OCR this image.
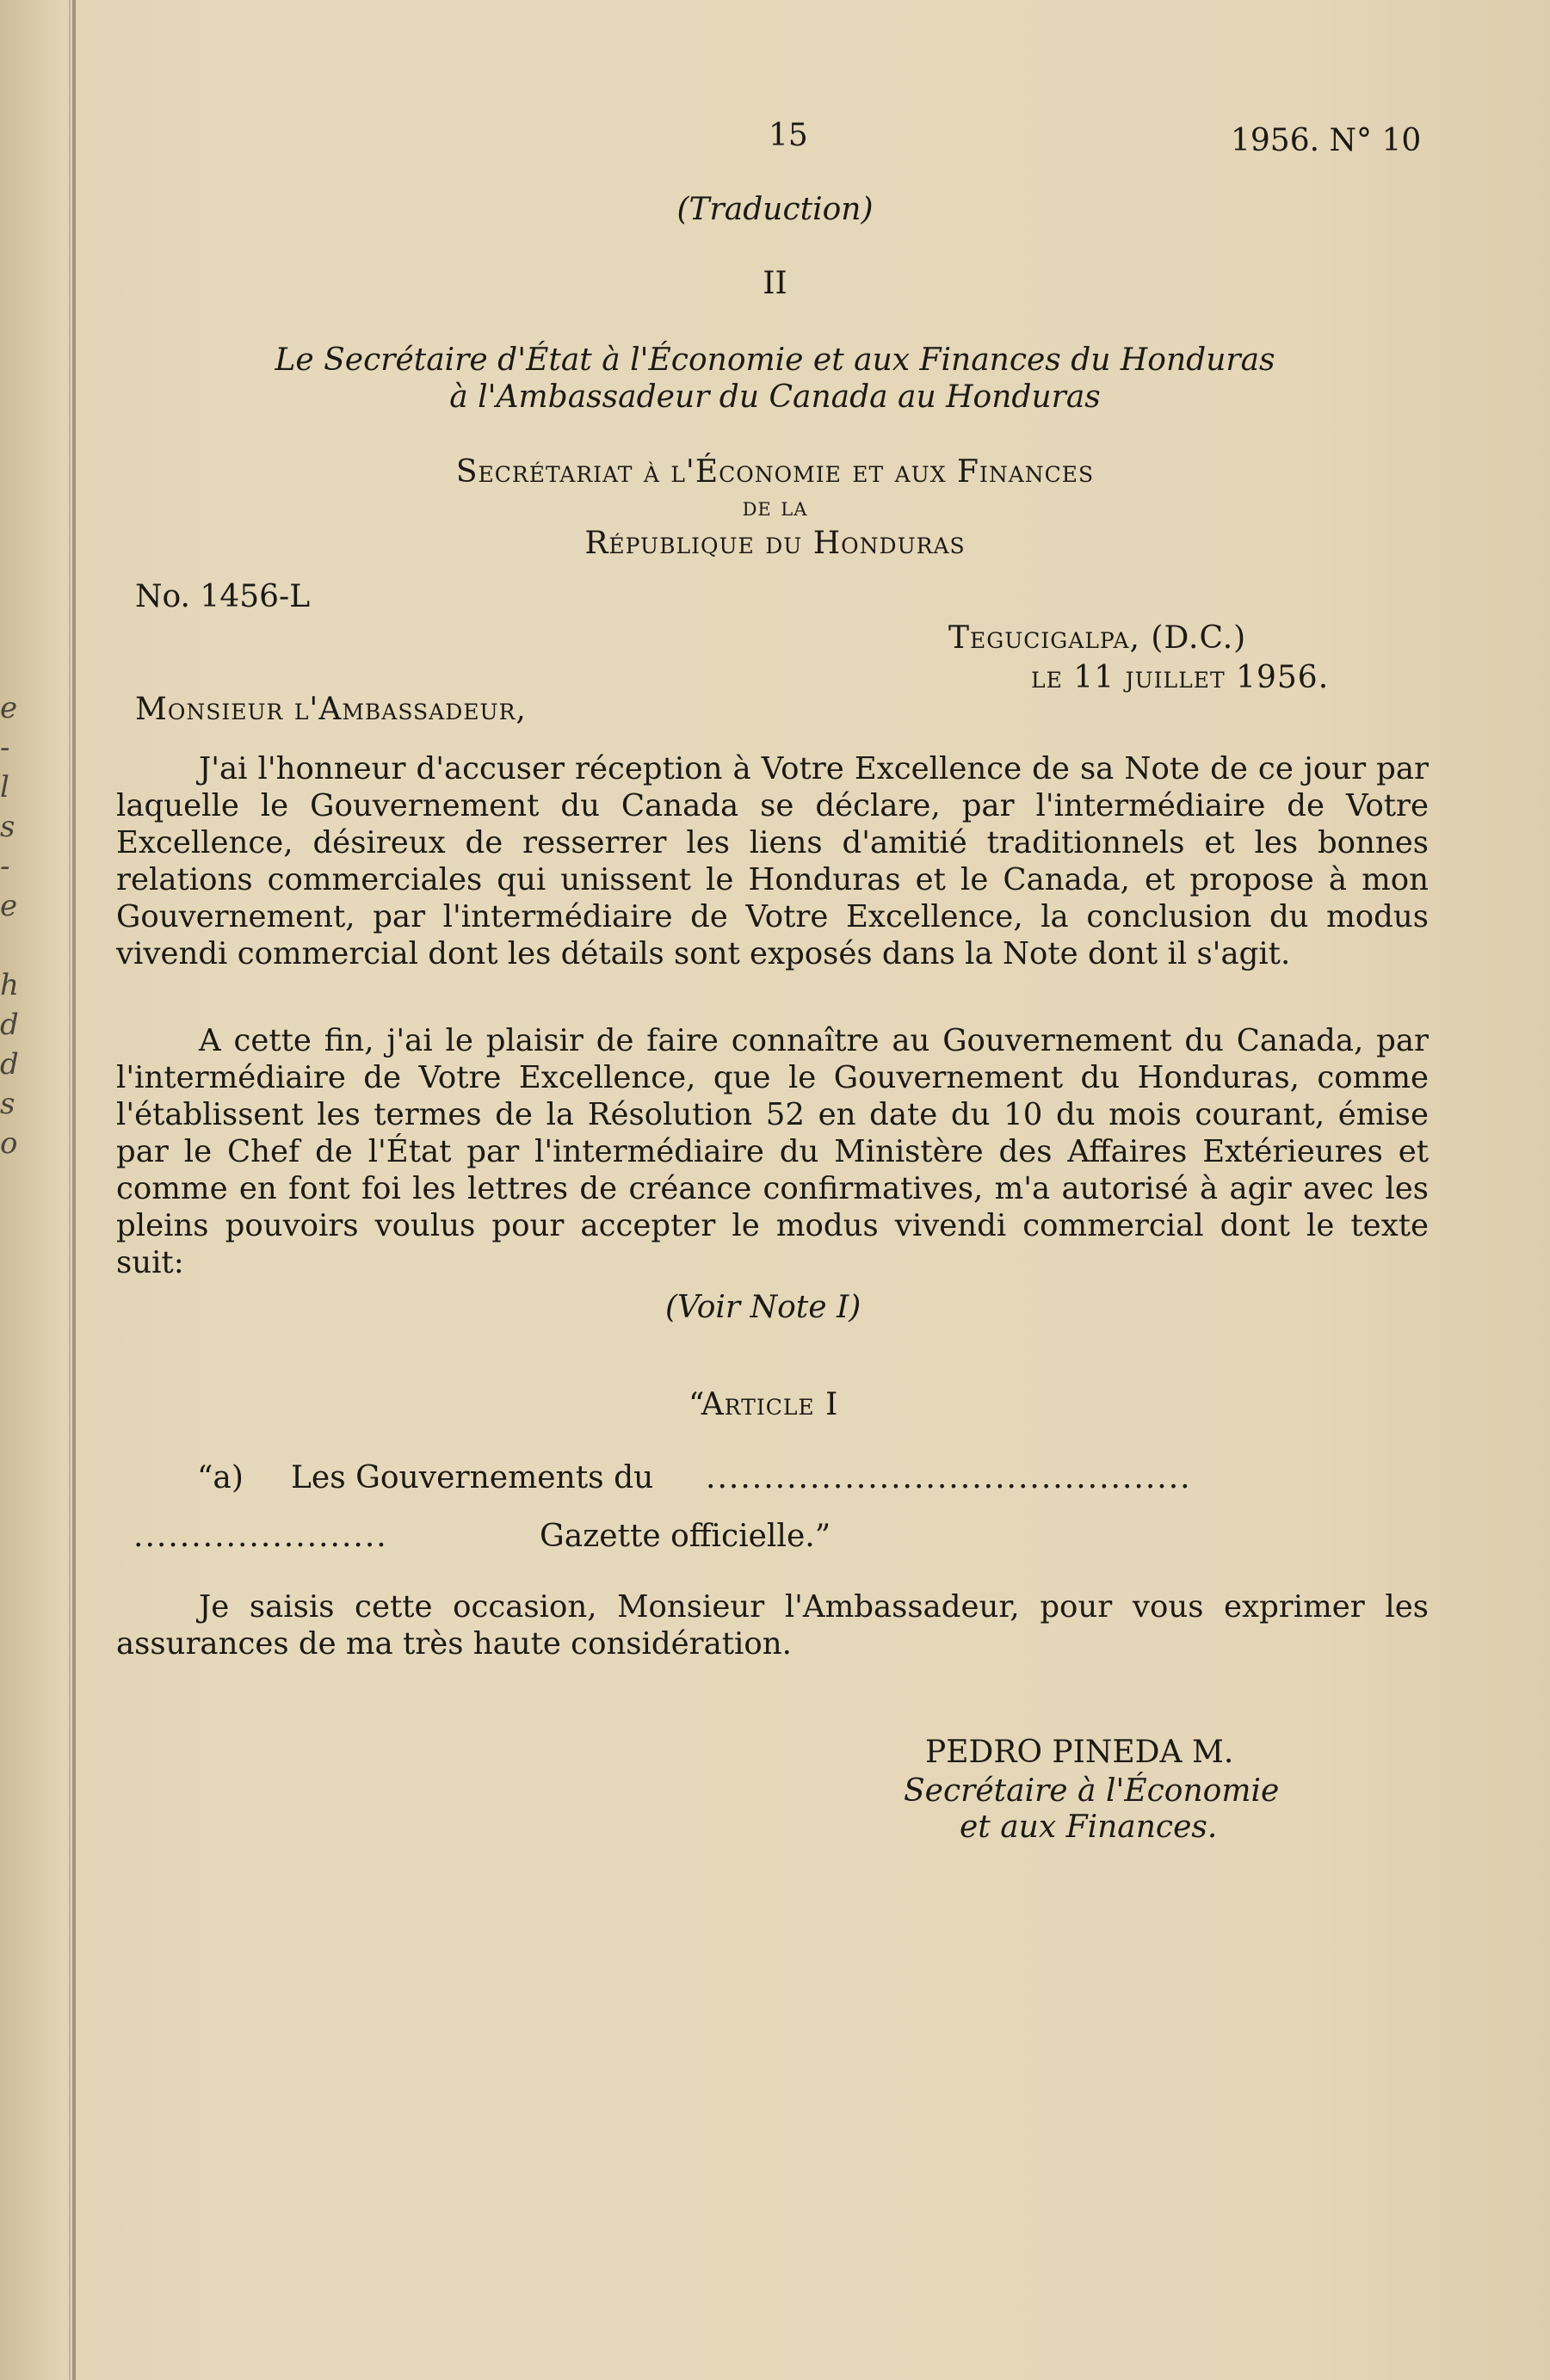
e
-
l
s
-
e
h
d
d
s
o
15	1956. N° 10
(Traduction)
II
Le Secrétaire d'État à l'Économie et aux Finances du Honduras
à l'Ambassadeur du Canada au Honduras
Secrétariat à l'Économie et aux Finances
de la
République du Honduras
No. 1456-L
Tegucigalpa, (D.C.)
le 11 juillet 1956.
Monsieur l'Ambassadeur,
J'ai l'honneur d'accuser réception à Votre Excellence de sa Note de ce jour par laquelle le Gouvernement du Canada se déclare, par l'intermédiaire de Votre Excellence, désireux de resserrer les liens d'amitié traditionnels et les bonnes relations commerciales qui unissent le Honduras et le Canada, et propose à mon Gouvernement, par l'intermédiaire de Votre Excellence, la conclusion du modus vivendi commercial dont les détails sont exposés dans la Note dont il s'agit.
A cette fin, j'ai le plaisir de faire connaître au Gouvernement du Canada, par l'intermédiaire de Votre Excellence, que le Gouvernement du Honduras, comme l'établissent les termes de la Résolution 52 en date du 10 du mois courant, émise par le Chef de l'État par l'intermédiaire du Ministère des Affaires Extérieures et comme en font foi les lettres de créance confirmatives, m'a autorisé à agir avec les pleins pouvoirs voulus pour accepter le modus vivendi commercial dont le texte suit:
(Voir Note I)
“Article I
“a) Les Gouvernements du ..........................................
......................	Gazette officielle.”
Je saisis cette occasion, Monsieur l'Ambassadeur, pour vous exprimer les assurances de ma très haute considération.
PEDRO PINEDA M.
Secrétaire à l'Économie
et aux Finances.
